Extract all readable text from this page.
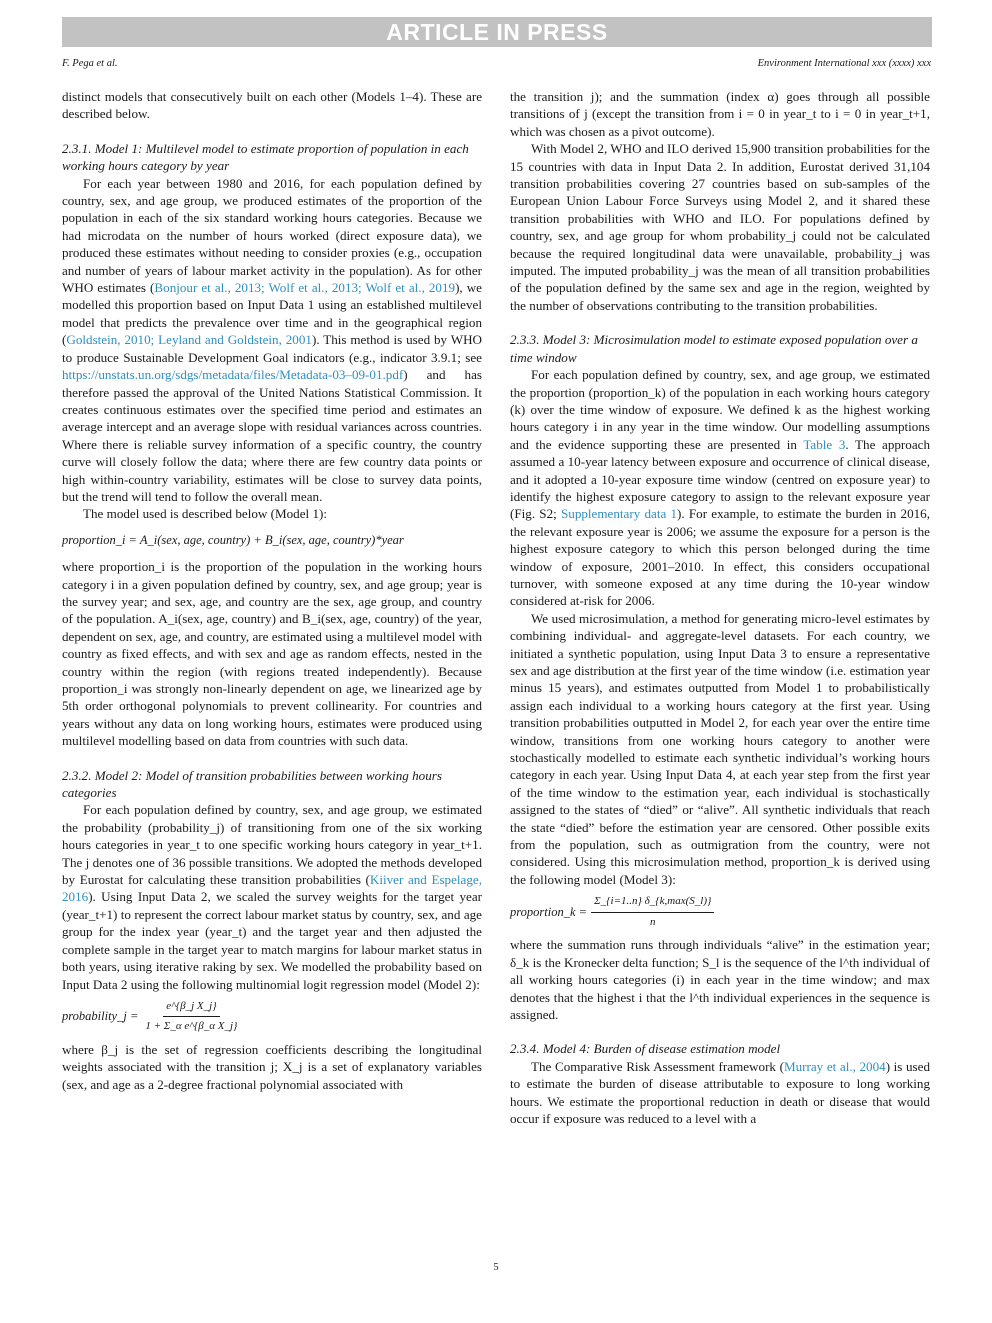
ARTICLE IN PRESS
F. Pega et al.	Environment International xxx (xxxx) xxx

distinct models that consecutively built on each other (Models 1–4). These are described below.

2.3.1. Model 1: Multilevel model to estimate proportion of population in each working hours category by year

For each year between 1980 and 2016, for each population defined by country, sex, and age group, we produced estimates of the proportion of the population in each of the six standard working hours categories. Because we had microdata on the number of hours worked (direct exposure data), we produced these estimates without needing to consider proxies (e.g., occupation and number of years of labour market activity in the population). As for other WHO estimates (Bonjour et al., 2013; Wolf et al., 2013; Wolf et al., 2019), we modelled this proportion based on Input Data 1 using an established multilevel model that predicts the prevalence over time and in the geographical region (Goldstein, 2010; Leyland and Goldstein, 2001). This method is used by WHO to produce Sustainable Development Goal indicators (e.g., indicator 3.9.1; see https://unstats.un.org/sdgs/metadata/files/Metadata-03–09-01.pdf) and has therefore passed the approval of the United Nations Statistical Commission. It creates continuous estimates over the specified time period and estimates an average intercept and an average slope with residual variances across countries. Where there is reliable survey information of a specific country, the country curve will closely follow the data; where there are few country data points or high within-country variability, estimates will be close to survey data points, but the trend will tend to follow the overall mean.

The model used is described below (Model 1):

proportion_i = A_i(sex, age, country) + B_i(sex, age, country)*year

where proportion_i is the proportion of the population in the working hours category i in a given population defined by country, sex, and age group; year is the survey year; and sex, age, and country are the sex, age group, and country of the population. A_i(sex, age, country) and B_i(sex, age, country) of the year, dependent on sex, age, and country, are estimated using a multilevel model with country as fixed effects, and with sex and age as random effects, nested in the country within the region (with regions treated independently). Because proportion_i was strongly non-linearly dependent on age, we linearized age by 5th order orthogonal polynomials to prevent collinearity. For countries and years without any data on long working hours, estimates were produced using multilevel modelling based on data from countries with such data.

2.3.2. Model 2: Model of transition probabilities between working hours categories

For each population defined by country, sex, and age group, we estimated the probability (probability_j) of transitioning from one of the six working hours categories in year_t to one specific working hours category in year_t+1. The j denotes one of 36 possible transitions. We adopted the methods developed by Eurostat for calculating these transition probabilities (Kiiver and Espelage, 2016). Using Input Data 2, we scaled the survey weights for the target year (year_t+1) to represent the correct labour market status by country, sex, and age group for the index year (year_t) and the target year and then adjusted the complete sample in the target year to match margins for labour market status in both years, using iterative raking by sex. We modelled the probability based on Input Data 2 using the following multinomial logit regression model (Model 2):

probability_j = $\frac{\text{e\textasciicircum{}\{β\_j X\_j\}}}{\text{1 + Σ\_α e\textasciicircum{}\{β\_α X\_j\}}}$

where β_j is the set of regression coefficients describing the longitudinal weights associated with the transition j; X_j is a set of explanatory variables (sex, and age as a 2-degree fractional polynomial associated with

the transition j); and the summation (index α) goes through all possible transitions of j (except the transition from i = 0 in year_t to i = 0 in year_t+1, which was chosen as a pivot outcome).

With Model 2, WHO and ILO derived 15,900 transition probabilities for the 15 countries with data in Input Data 2. In addition, Eurostat derived 31,104 transition probabilities covering 27 countries based on sub-samples of the European Union Labour Force Surveys using Model 2, and it shared these transition probabilities with WHO and ILO. For populations defined by country, sex, and age group for whom probability_j could not be calculated because the required longitudinal data were unavailable, probability_j was imputed. The imputed probability_j was the mean of all transition probabilities of the population defined by the same sex and age in the region, weighted by the number of observations contributing to the transition probabilities.

2.3.3. Model 3: Microsimulation model to estimate exposed population over a time window

For each population defined by country, sex, and age group, we estimated the proportion (proportion_k) of the population in each working hours category (k) over the time window of exposure. We defined k as the highest working hours category i in any year in the time window. Our modelling assumptions and the evidence supporting these are presented in Table 3. The approach assumed a 10-year latency between exposure and occurrence of clinical disease, and it adopted a 10-year exposure time window (centred on exposure year) to identify the highest exposure category to assign to the relevant exposure year (Fig. S2; Supplementary data 1). For example, to estimate the burden in 2016, the relevant exposure year is 2006; we assume the exposure for a person is the highest exposure category to which this person belonged during the time window of exposure, 2001–2010. In effect, this considers occupational turnover, with someone exposed at any time during the 10-year window considered at-risk for 2006.

We used microsimulation, a method for generating micro-level estimates by combining individual- and aggregate-level datasets. For each country, we initiated a synthetic population, using Input Data 3 to ensure a representative sex and age distribution at the first year of the time window (i.e. estimation year minus 15 years), and estimates outputted from Model 1 to probabilistically assign each individual to a working hours category at the first year. Using transition probabilities outputted in Model 2, for each year over the entire time window, transitions from one working hours category to another were stochastically modelled to estimate each synthetic individual’s working hours category in each year. Using Input Data 4, at each year step from the first year of the time window to the estimation year, each individual is stochastically assigned to the states of “died” or “alive”. All synthetic individuals that reach the state “died” before the estimation year are censored. Other possible exits from the population, such as outmigration from the country, were not considered. Using this microsimulation method, proportion_k is derived using the following model (Model 3):

proportion_k = $\frac{\Sigma\_\{i=1..n\} \delta\_\{k,\max(S\_l)\}}{n}$

where the summation runs through individuals “alive” in the estimation year; δ_k is the Kronecker delta function; S_l is the sequence of the l^th individual of all working hours categories (i) in each year in the time window; and max denotes that the highest i that the l^th individual experiences in the sequence is assigned.

2.3.4. Model 4: Burden of disease estimation model

The Comparative Risk Assessment framework (Murray et al., 2004) is used to estimate the burden of disease attributable to exposure to long working hours. We estimate the proportional reduction in death or disease that would occur if exposure was reduced to a level with a

5
